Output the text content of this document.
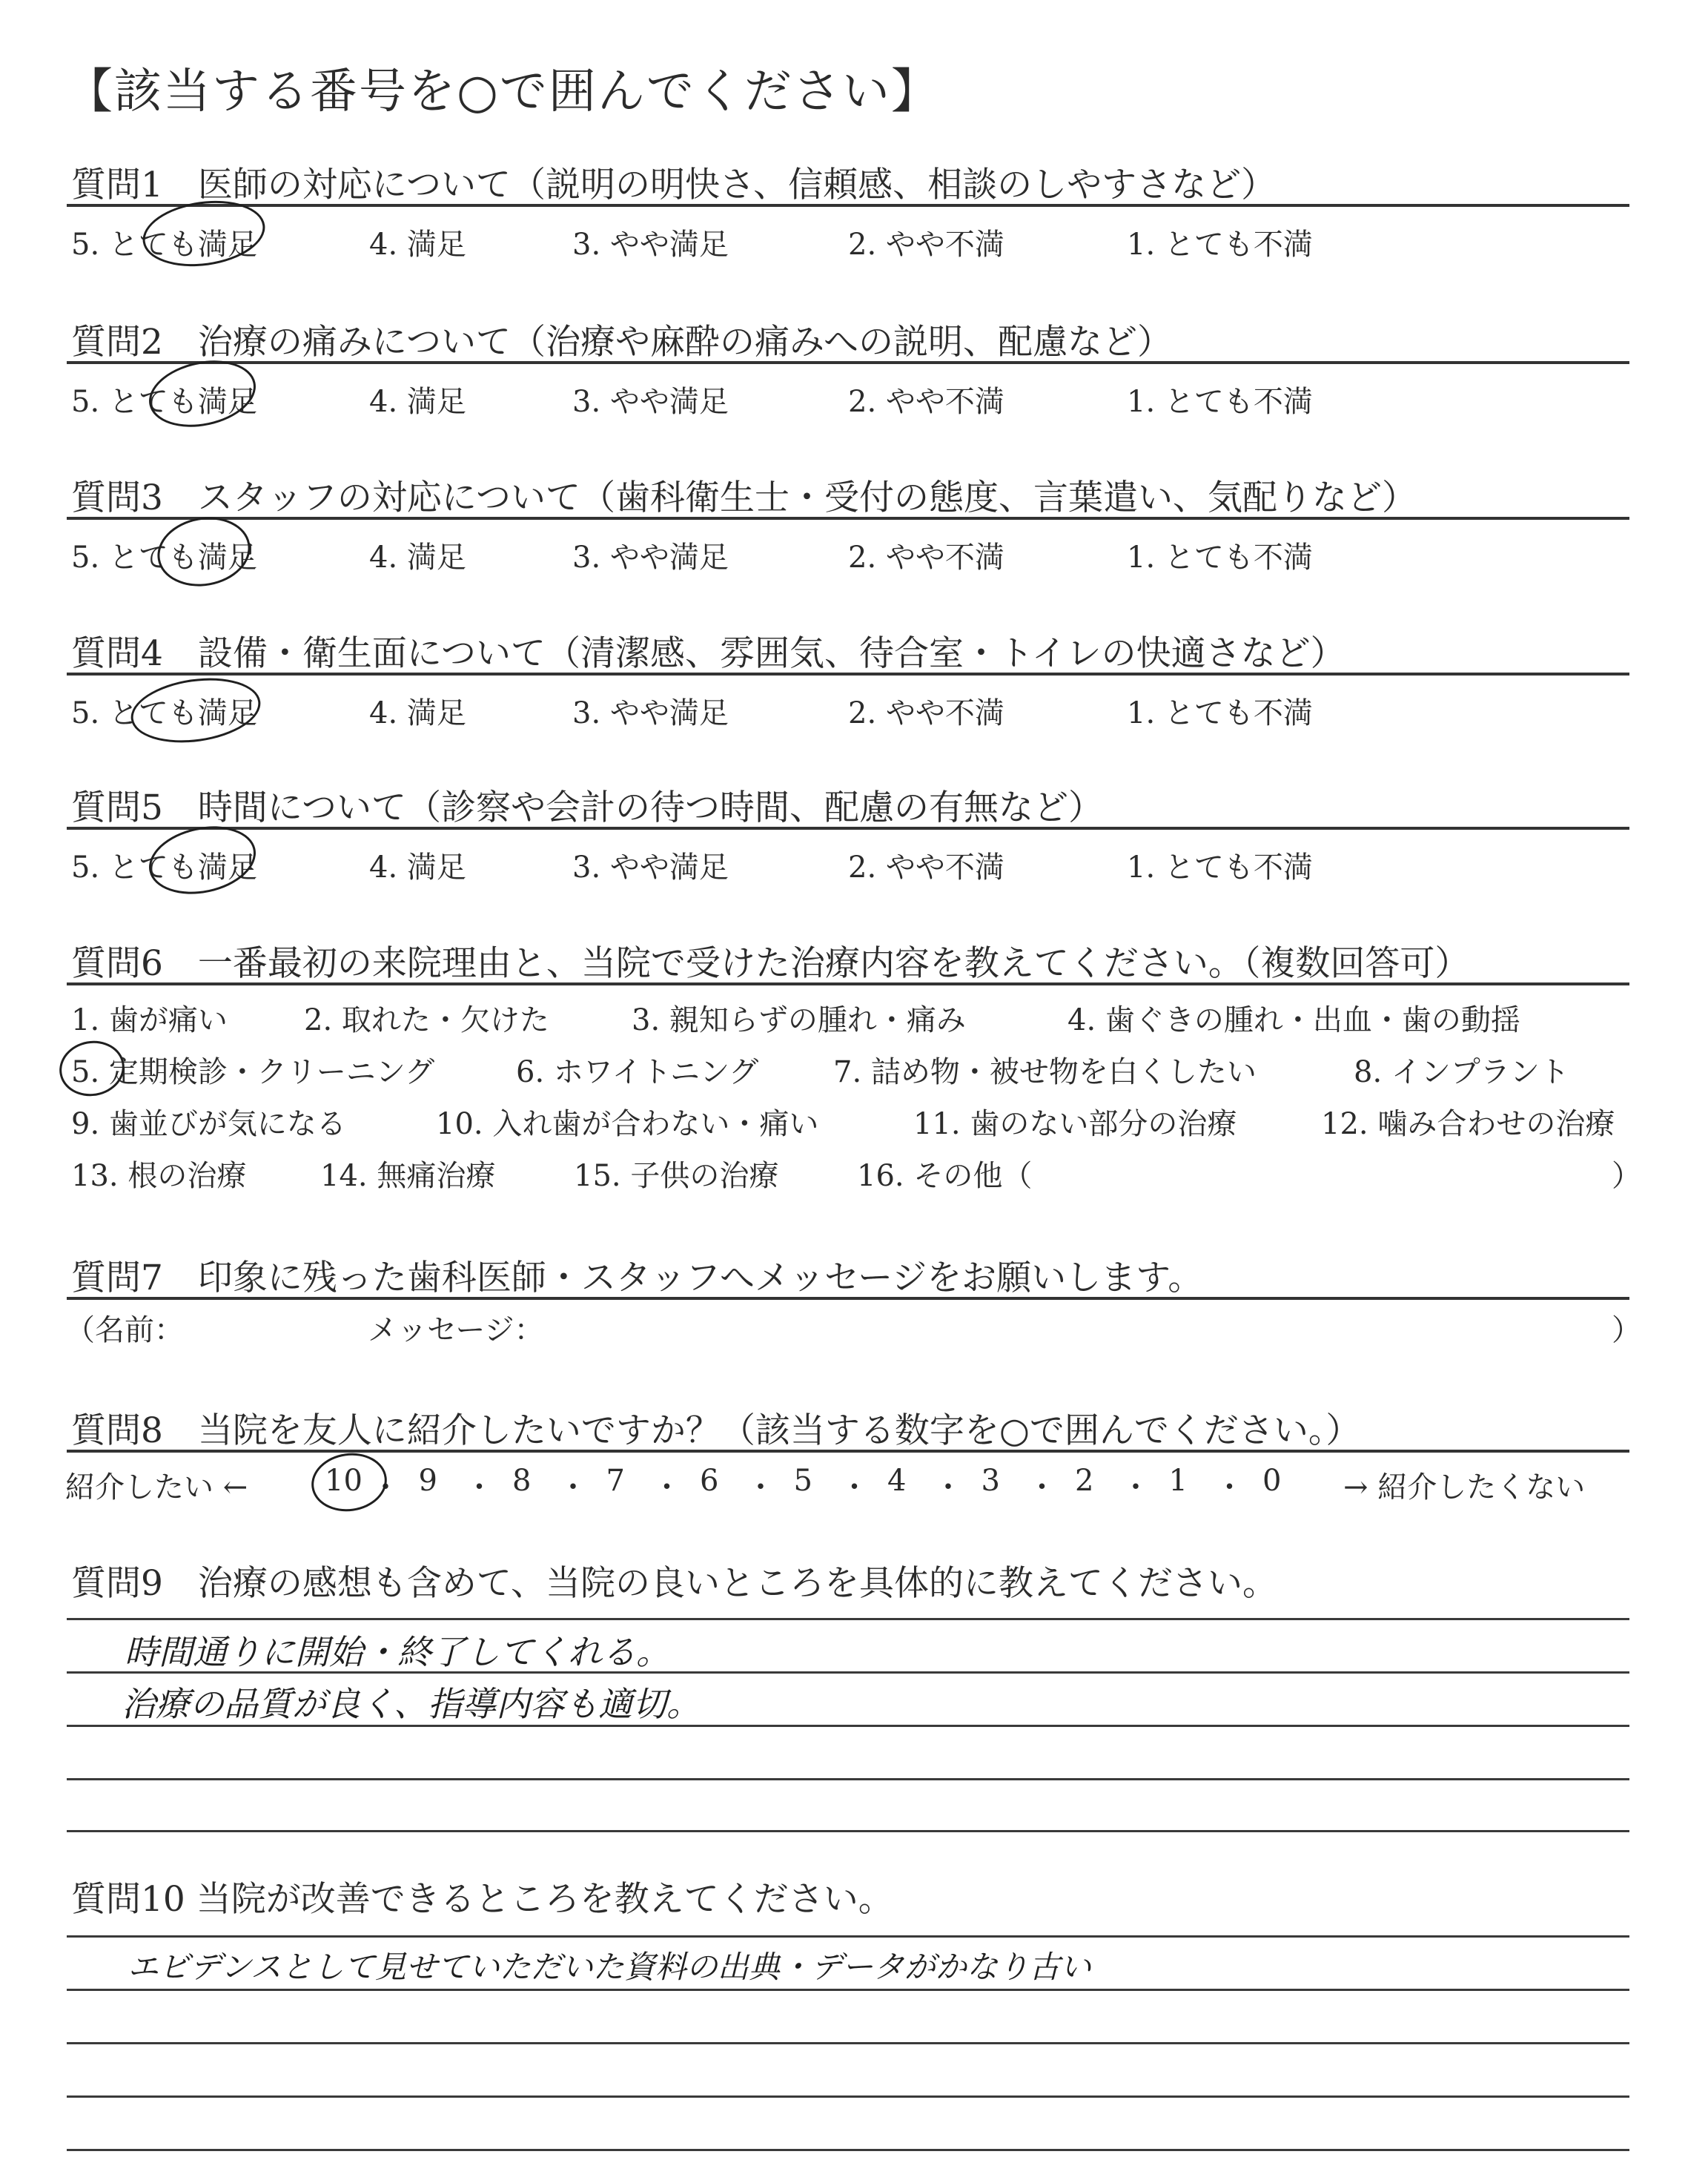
【該当する番号を○で囲んでください】
質問1　医師の対応について（説明の明快さ、信頼感、相談のしやすさなど）
5. とても満足	4. 満足	3. やや満足	2. やや不満	1. とても不満
質問2　治療の痛みについて（治療や麻酔の痛みへの説明、配慮など）
5. とても満足	4. 満足	3. やや満足	2. やや不満	1. とても不満
質問3　スタッフの対応について（歯科衛生士・受付の態度、言葉遣い、気配りなど）
5. とても満足	4. 満足	3. やや満足	2. やや不満	1. とても不満
質問4　設備・衛生面について（清潔感、雰囲気、待合室・トイレの快適さなど）
5. とても満足	4. 満足	3. やや満足	2. やや不満	1. とても不満
質問5　時間について（診察や会計の待つ時間、配慮の有無など）
5. とても満足	4. 満足	3. やや満足	2. やや不満	1. とても不満
質問6　一番最初の来院理由と、当院で受けた治療内容を教えてください。（複数回答可）
1. 歯が痛い	2. 取れた・欠けた	3. 親知らずの腫れ・痛み	4. 歯ぐきの腫れ・出血・歯の動揺
5. 定期検診・クリーニング	6. ホワイトニング	7. 詰め物・被せ物を白くしたい	8. インプラント
9. 歯並びが気になる	10. 入れ歯が合わない・痛い	11. 歯のない部分の治療	12. 噛み合わせの治療
13. 根の治療 14. 無痛治療	15. 子供の治療	16. その他（	）
質問7　印象に残った歯科医師・スタッフへメッセージをお願いします。
（名前：	メッセージ：	）
質問8　当院を友人に紹介したいですか？（該当する数字を○で囲んでください。）
紹介したい ←	10 ・ 9 ・ 8 ・ 7 ・ 6 ・ 5 ・ 4 ・ 3 ・ 2 ・ 1 ・ 0 → 紹介したくない
質問9　治療の感想も含めて、当院の良いところを具体的に教えてください。
時間通りに開始・終了してくれる。
治療の品質が良く、指導内容も適切。
質問10 当院が改善できるところを教えてください。
エビデンスとして見せていただいた資料の出典・データがかなり古い
